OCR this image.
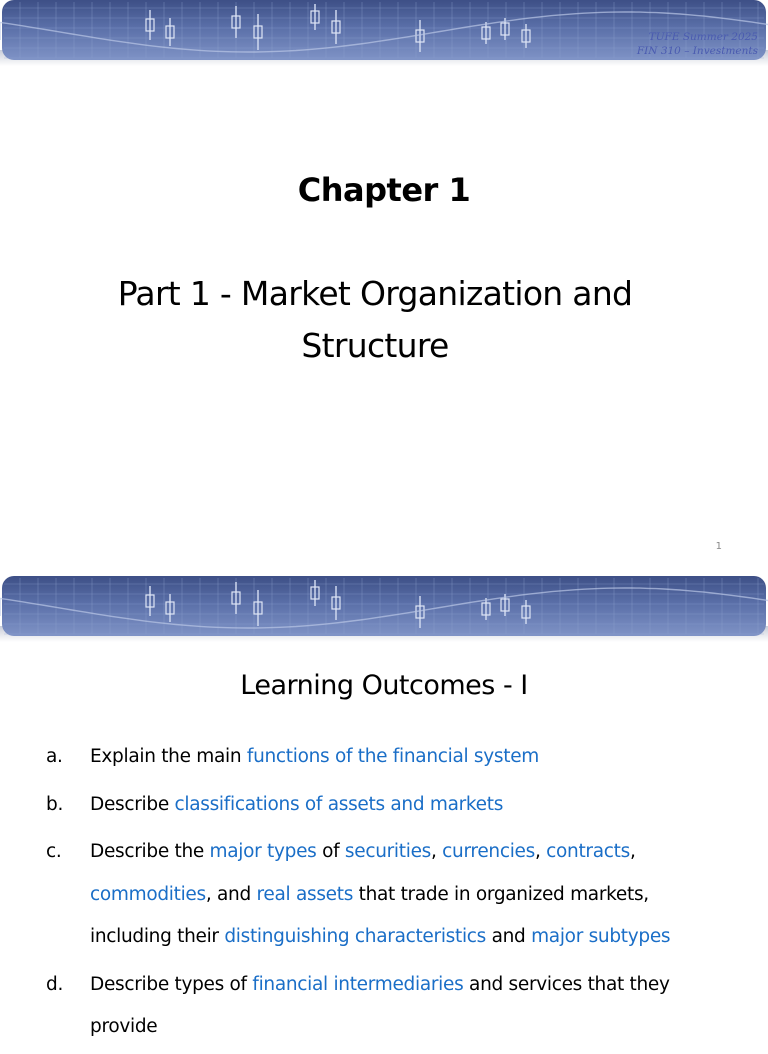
TUFE Summer 2025
FIN 310 – Investments
Chapter 1
Part 1 - Market Organization and Structure
1
Learning Outcomes - I
a. Explain the main functions of the financial system
b. Describe classifications of assets and markets
c. Describe the major types of securities, currencies, contracts, commodities, and real assets that trade in organized markets, including their distinguishing characteristics and major subtypes
d. Describe types of financial intermediaries and services that they provide
